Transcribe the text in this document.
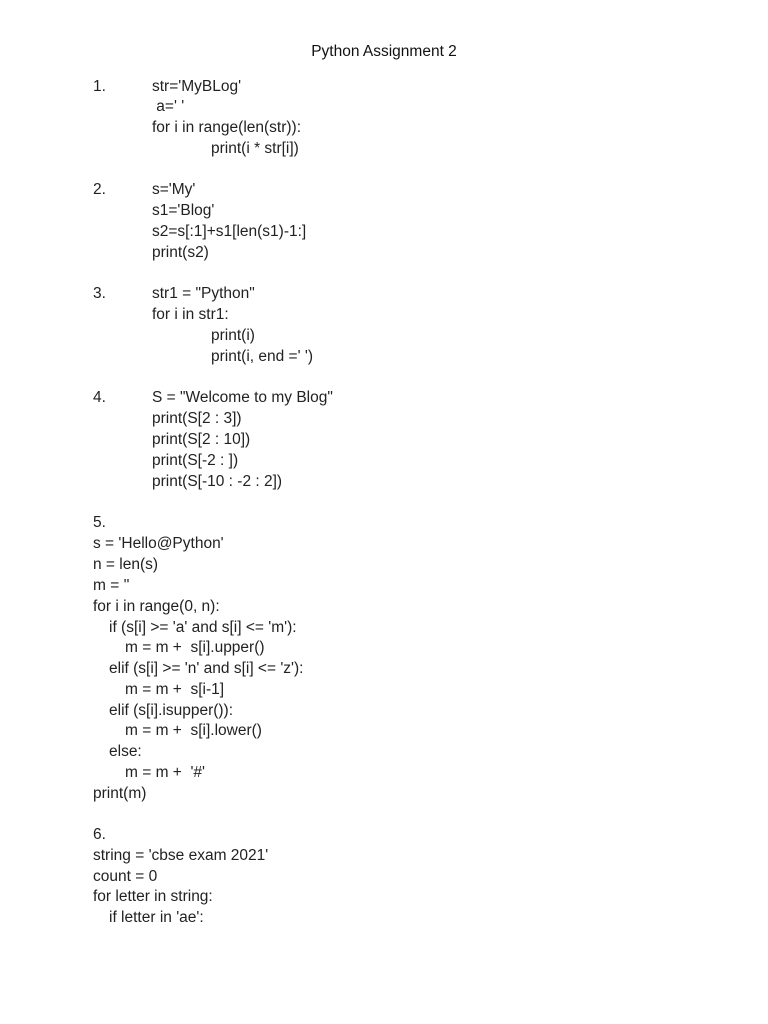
Python Assignment 2
1.	str='MyBLog'
a=' '
for i in range(len(str)):
print(i * str[i])
2.	s='My'
s1='Blog'
s2=s[:1]+s1[len(s1)-1:]
print(s2)
3.	str1 = "Python"
for i in str1:
print(i)
print(i, end =' ')
4.	S = "Welcome to my Blog"
print(S[2 : 3])
print(S[2 : 10])
print(S[-2 : ])
print(S[-10 : -2 : 2])
5.
s = 'Hello@Python'
n = len(s)
m = ''
for i in range(0, n):
if (s[i] >= 'a' and s[i] <= 'm'):
m = m +  s[i].upper()
elif (s[i] >= 'n' and s[i] <= 'z'):
m = m +  s[i-1]
elif (s[i].isupper()):
m = m +  s[i].lower()
else:
m = m +  '#'
print(m)
6.
string = 'cbse exam 2021'
count = 0
for letter in string:
if letter in 'ae':
